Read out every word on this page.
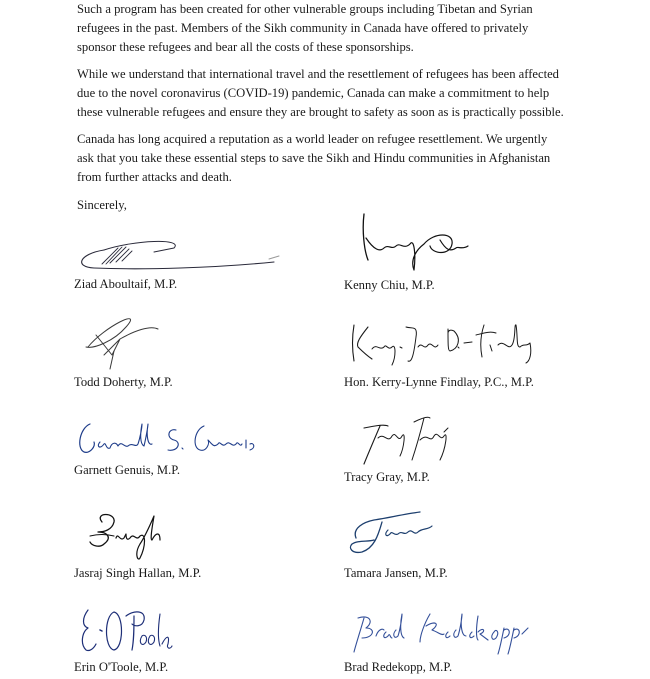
Such a program has been created for other vulnerable groups including Tibetan and Syrian
refugees in the past. Members of the Sikh community in Canada have offered to privately
sponsor these refugees and bear all the costs of these sponsorships.

While we understand that international travel and the resettlement of refugees has been affected
due to the novel coronavirus (COVID-19) pandemic, Canada can make a commitment to help
these vulnerable refugees and ensure they are brought to safety as soon as is practically possible.

Canada has long acquired a reputation as a world leader on refugee resettlement. We urgently
ask that you take these essential steps to save the Sikh and Hindu communities in Afghanistan
from further attacks and death.

Sincerely,

Ziad Aboultaif, M.P.	Kenny Chiu, M.P.
Todd Doherty, M.P.	Hon. Kerry-Lynne Findlay, P.C., M.P.
Garnett Genuis, M.P.	Tracy Gray, M.P.
Jasraj Singh Hallan, M.P.	Tamara Jansen, M.P.
Erin O'Toole, M.P.	Brad Redekopp, M.P.
